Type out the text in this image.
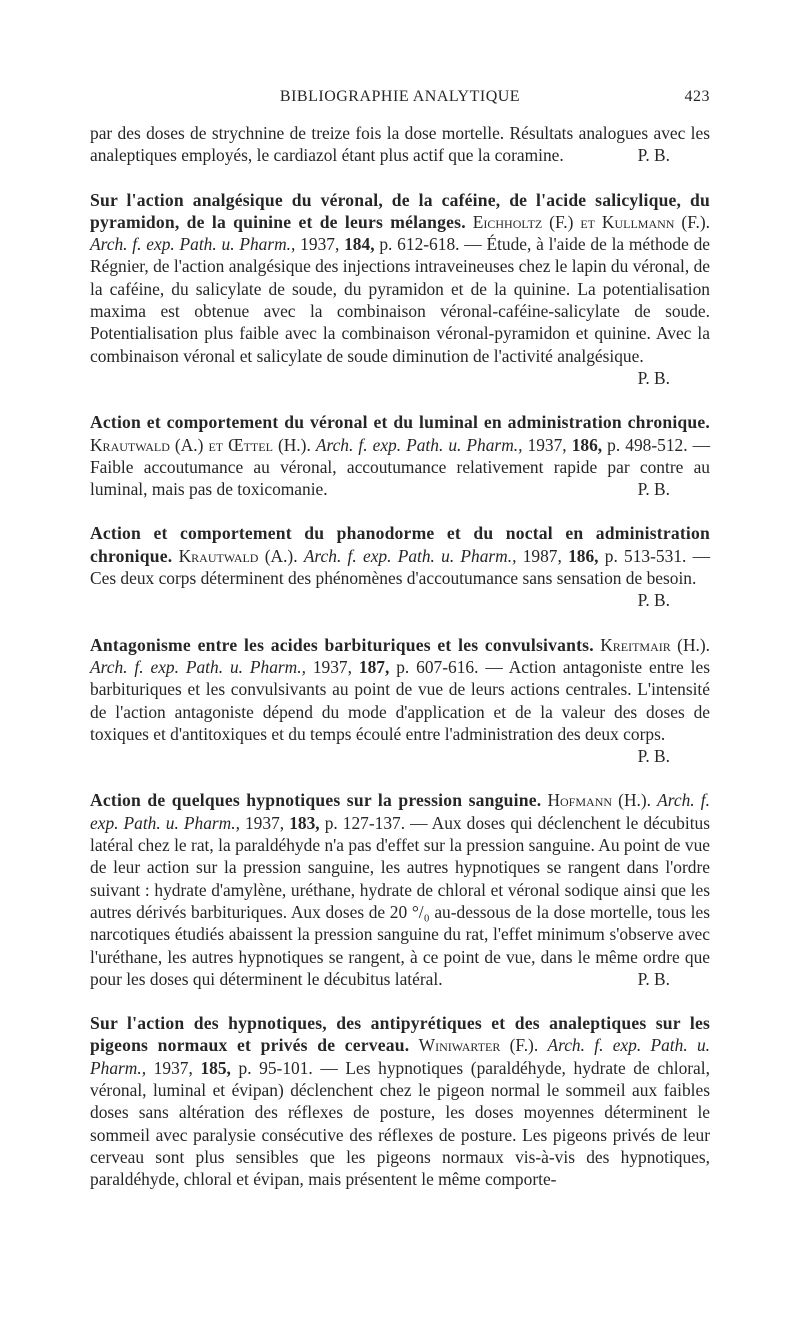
BIBLIOGRAPHIE ANALYTIQUE	423

par des doses de strychnine de treize fois la dose mortelle. Résultats analogues avec les analeptiques employés, le cardiazol étant plus actif que la coramine.	P. B.

Sur l'action analgésique du véronal, de la caféine, de l'acide salicylique, du pyramidon, de la quinine et de leurs mélanges. Eichholtz (F.) et Kullmann (F.). Arch. f. exp. Path. u. Pharm., 1937, 184, p. 612-618. — Étude, à l'aide de la méthode de Régnier, de l'action analgésique des injections intraveineuses chez le lapin du véronal, de la caféine, du salicylate de soude, du pyramidon et de la quinine. La potentialisation maxima est obtenue avec la combinaison véronal-caféine-salicylate de soude. Potentialisation plus faible avec la combinaison véronal-pyramidon et quinine. Avec la combinaison véronal et salicylate de soude diminution de l'activité analgésique.
P. B.

Action et comportement du véronal et du luminal en administration chronique. Krautwald (A.) et Œttel (H.). Arch. f. exp. Path. u. Pharm., 1937, 186, p. 498-512. — Faible accoutumance au véronal, accoutumance relativement rapide par contre au luminal, mais pas de toxicomanie.	P. B.

Action et comportement du phanodorme et du noctal en administration chronique. Krautwald (A.). Arch. f. exp. Path. u. Pharm., 1987, 186, p. 513-531. — Ces deux corps déterminent des phénomènes d'accoutumance sans sensation de besoin.
P. B.

Antagonisme entre les acides barbituriques et les convulsivants. Kreitmair (H.). Arch. f. exp. Path. u. Pharm., 1937, 187, p. 607-616. — Action antagoniste entre les barbituriques et les convulsivants au point de vue de leurs actions centrales. L'intensité de l'action antagoniste dépend du mode d'application et de la valeur des doses de toxiques et d'antitoxiques et du temps écoulé entre l'administration des deux corps.
P. B.

Action de quelques hypnotiques sur la pression sanguine. Hofmann (H.). Arch. f. exp. Path. u. Pharm., 1937, 183, p. 127-137. — Aux doses qui déclenchent le décubitus latéral chez le rat, la paraldéhyde n'a pas d'effet sur la pression sanguine. Au point de vue de leur action sur la pression sanguine, les autres hypnotiques se rangent dans l'ordre suivant : hydrate d'amylène, uréthane, hydrate de chloral et véronal sodique ainsi que les autres dérivés barbituriques. Aux doses de 20 °/₀ au-dessous de la dose mortelle, tous les narcotiques étudiés abaissent la pression sanguine du rat, l'effet minimum s'observe avec l'uréthane, les autres hypnotiques se rangent, à ce point de vue, dans le même ordre que pour les doses qui déterminent le décubitus latéral.	P. B.

Sur l'action des hypnotiques, des antipyrétiques et des analeptiques sur les pigeons normaux et privés de cerveau. Winiwarter (F.). Arch. f. exp. Path. u. Pharm., 1937, 185, p. 95-101. — Les hypnotiques (paraldéhyde, hydrate de chloral, véronal, luminal et évipan) déclenchent chez le pigeon normal le sommeil aux faibles doses sans altération des réflexes de posture, les doses moyennes déterminent le sommeil avec paralysie consécutive des réflexes de posture. Les pigeons privés de leur cerveau sont plus sensibles que les pigeons normaux vis-à-vis des hypnotiques, paraldéhyde, chloral et évipan, mais présentent le même comporte-
